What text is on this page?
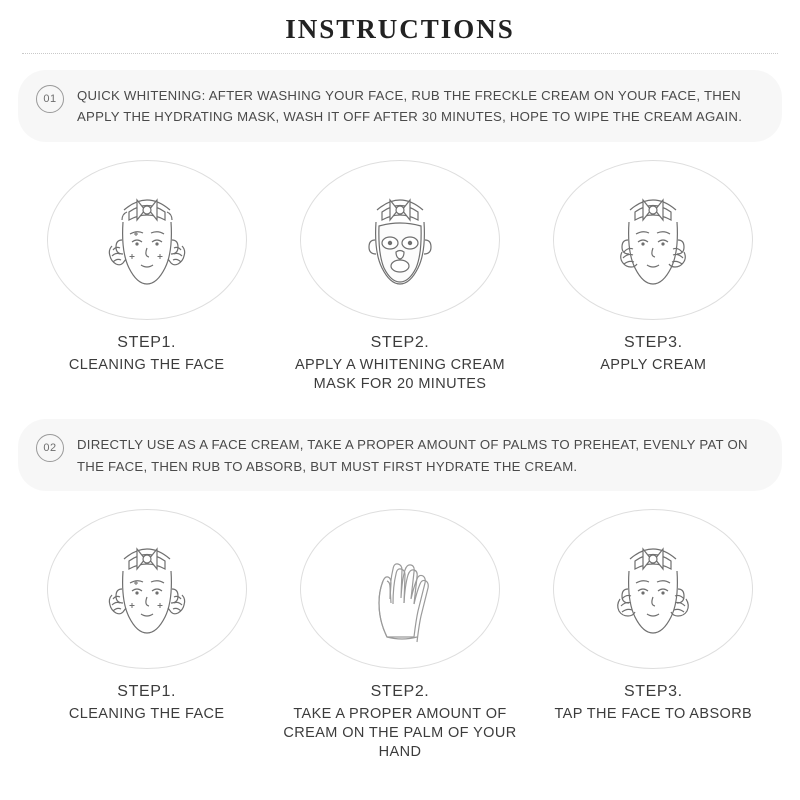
INSTRUCTIONS
01	QUICK WHITENING: AFTER WASHING YOUR FACE, RUB THE FRECKLE CREAM ON YOUR FACE, THEN APPLY THE HYDRATING MASK, WASH IT OFF AFTER 30 MINUTES, HOPE TO WIPE THE CREAM AGAIN.
STEP1.
CLEANING THE FACE
STEP2.
APPLY A WHITENING CREAM MASK FOR 20 MINUTES
STEP3.
APPLY CREAM
02	DIRECTLY USE AS A FACE CREAM, TAKE A PROPER AMOUNT OF PALMS TO PREHEAT, EVENLY PAT ON THE FACE, THEN RUB TO ABSORB, BUT MUST FIRST HYDRATE THE CREAM.
STEP1.
CLEANING THE FACE
STEP2.
TAKE A PROPER AMOUNT OF CREAM ON THE PALM OF YOUR HAND
STEP3.
TAP THE FACE TO ABSORB
